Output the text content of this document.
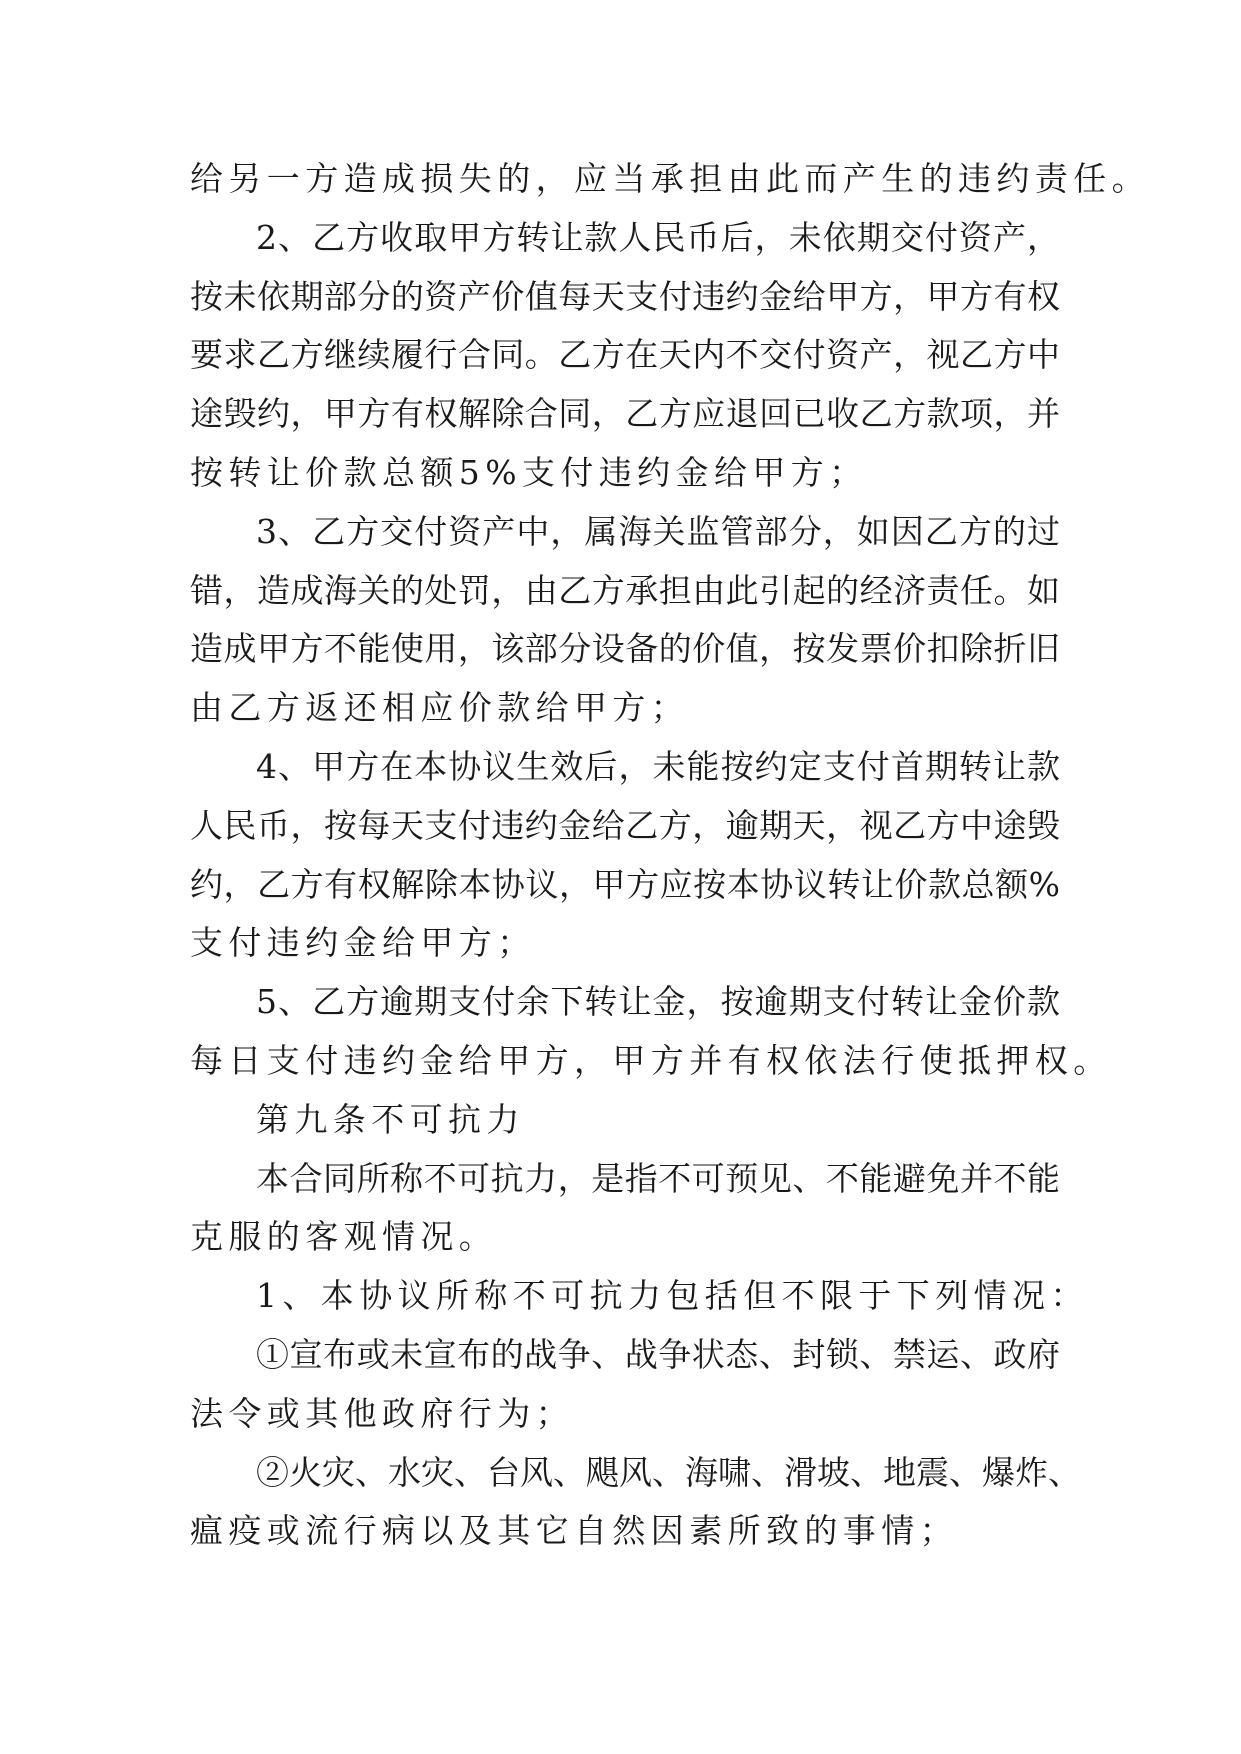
给另一方造成损失的，应当承担由此而产生的违约责任。
2、乙方收取甲方转让款人民币后，未依期交付资产，
按未依期部分的资产价值每天支付违约金给甲方，甲方有权
要求乙方继续履行合同。乙方在天内不交付资产，视乙方中
途毁约，甲方有权解除合同，乙方应退回已收乙方款项，并
按转让价款总额5%支付违约金给甲方；
3、乙方交付资产中，属海关监管部分，如因乙方的过
错，造成海关的处罚，由乙方承担由此引起的经济责任。如
造成甲方不能使用，该部分设备的价值，按发票价扣除折旧
由乙方返还相应价款给甲方；
4、甲方在本协议生效后，未能按约定支付首期转让款
人民币，按每天支付违约金给乙方，逾期天，视乙方中途毁
约，乙方有权解除本协议，甲方应按本协议转让价款总额%
支付违约金给甲方；
5、乙方逾期支付余下转让金，按逾期支付转让金价款
每日支付违约金给甲方，甲方并有权依法行使抵押权。
第九条不可抗力
本合同所称不可抗力，是指不可预见、不能避免并不能
克服的客观情况。
1、本协议所称不可抗力包括但不限于下列情况：
①宣布或未宣布的战争、战争状态、封锁、禁运、政府
法令或其他政府行为；
②火灾、水灾、台风、飓风、海啸、滑坡、地震、爆炸、
瘟疫或流行病以及其它自然因素所致的事情；
